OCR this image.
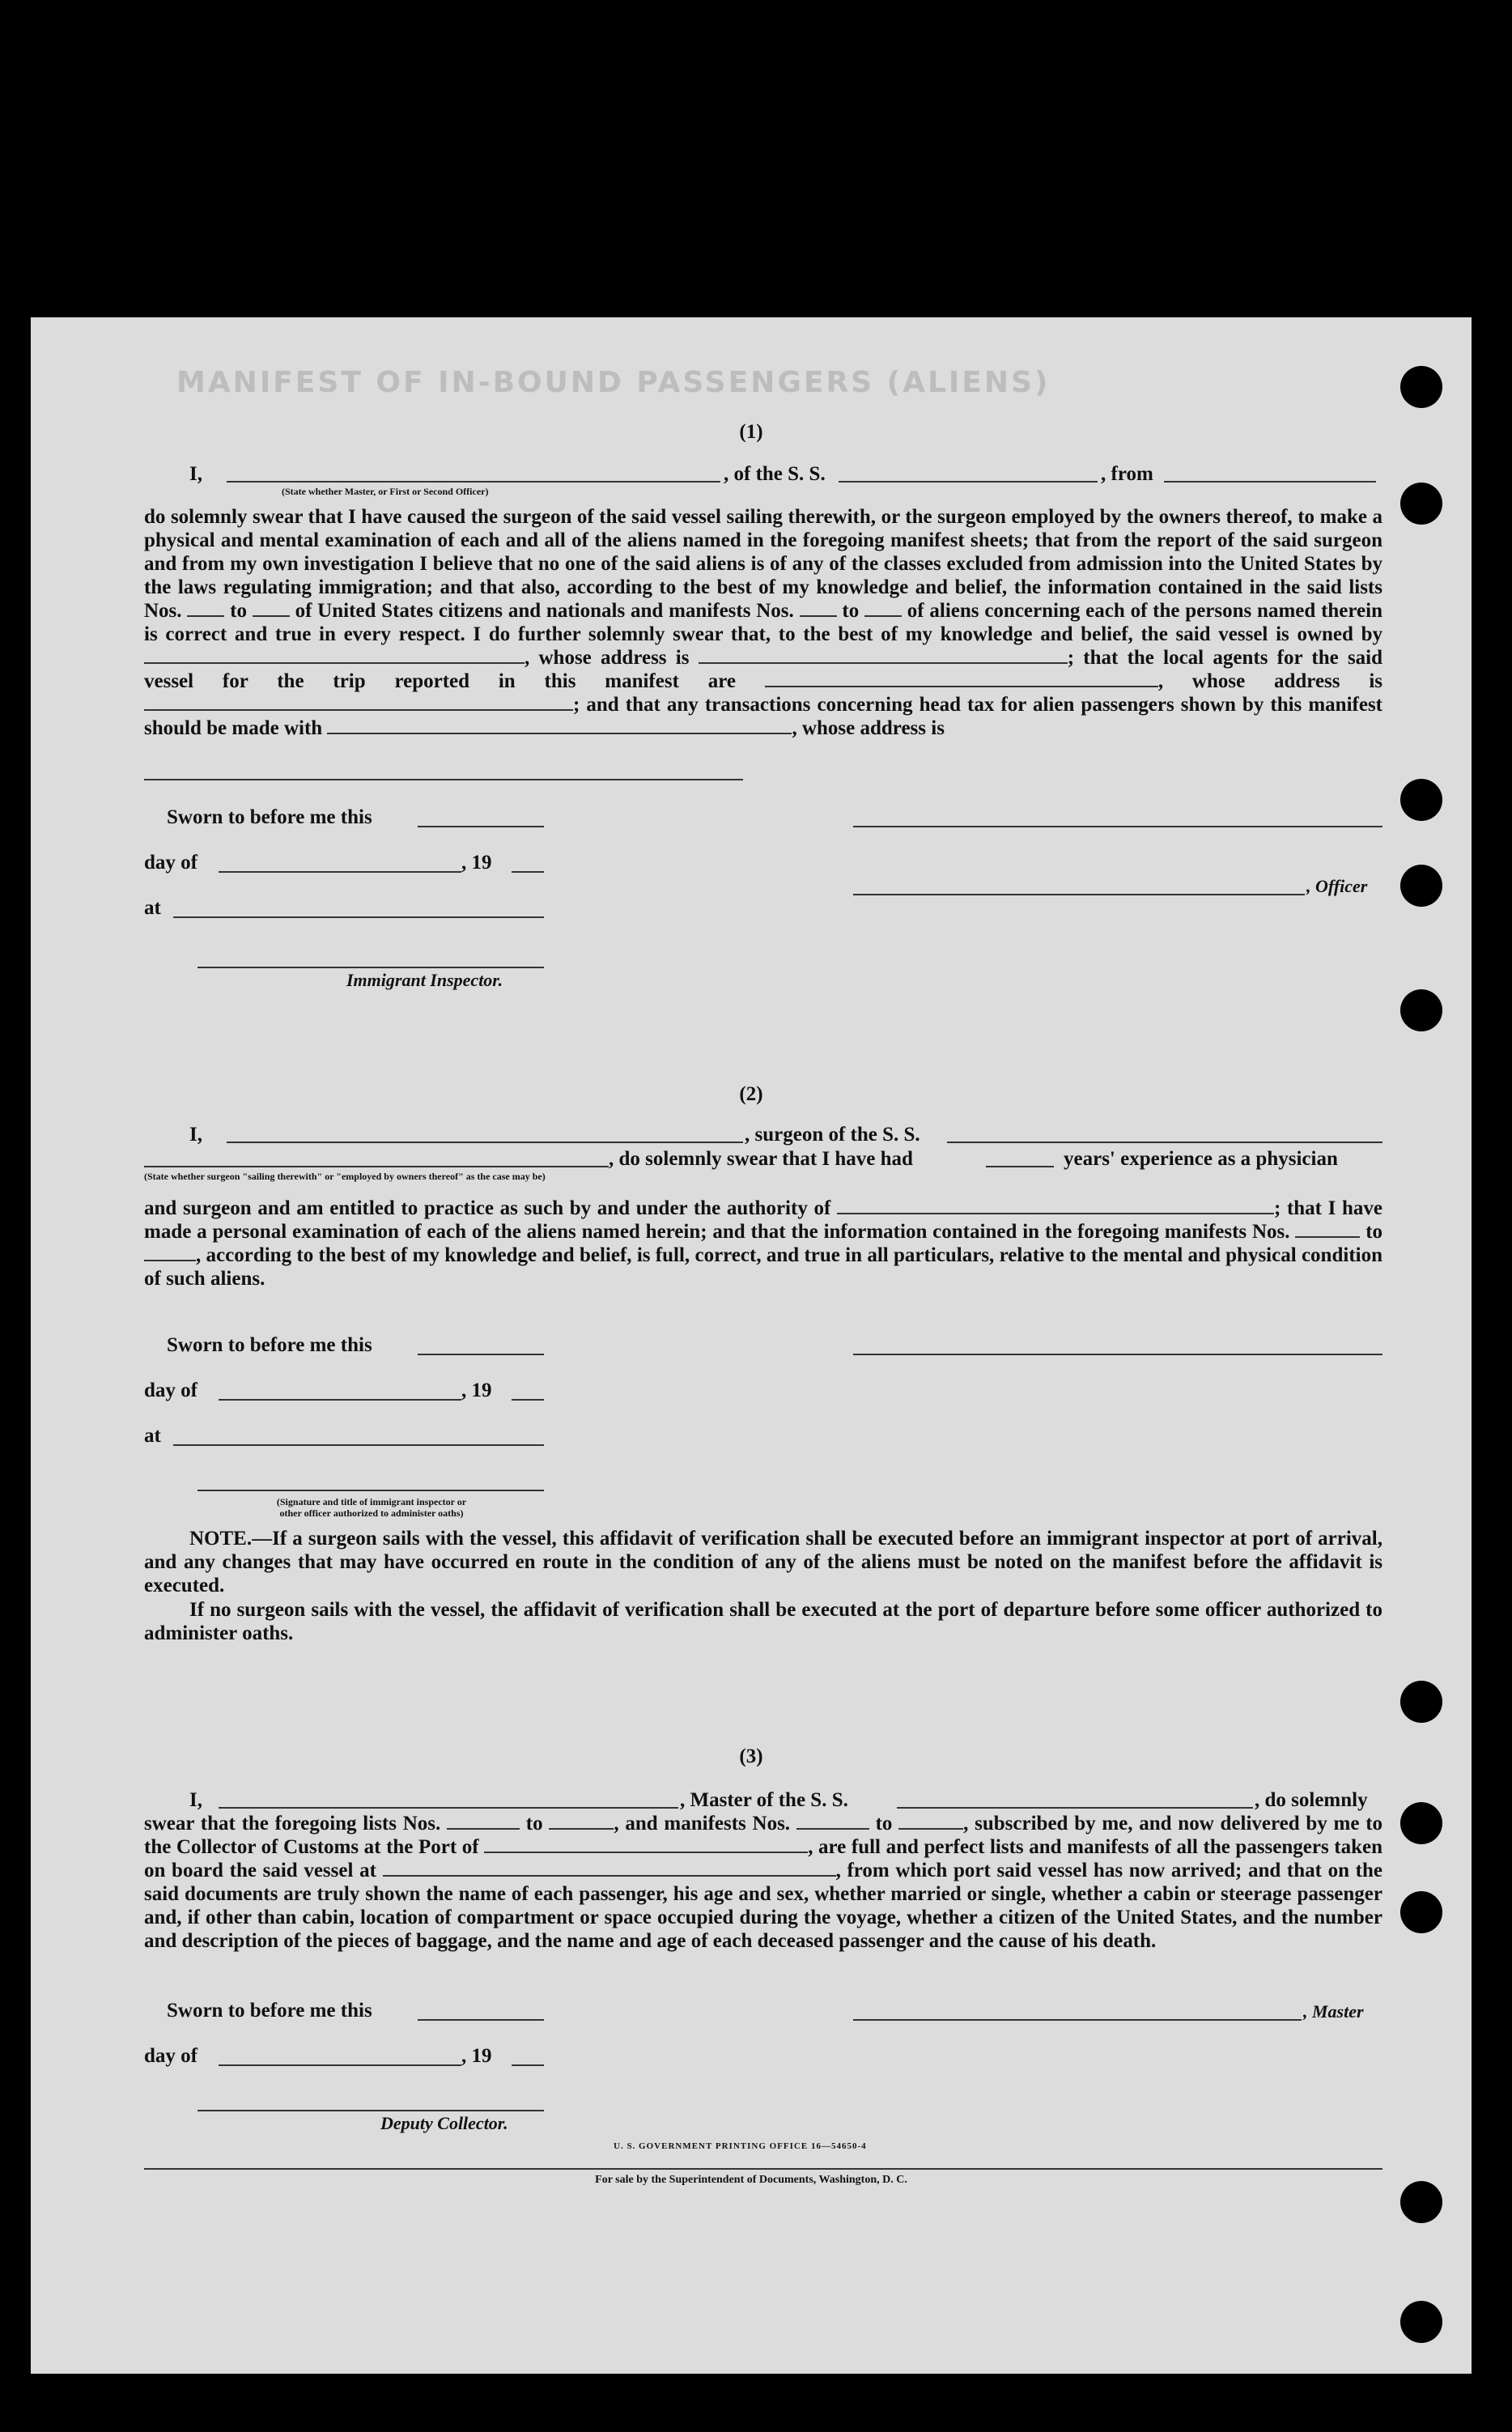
MANIFEST OF IN-BOUND PASSENGERS (ALIENS)
(1)
I,	, of the S. S.	, from
(State whether Master, or First or Second Officer)

do solemnly swear that I have caused the surgeon of the said vessel sailing therewith, or the surgeon employed by the owners thereof, to make a physical and mental examination of each and all of the aliens named in the foregoing manifest sheets; that from the report of the said surgeon and from my own investigation I believe that no one of the said aliens is of any of the classes excluded from admission into the United States by the laws regulating immigration; and that also, according to the best of my knowledge and belief, the information contained in the said lists Nos. to of United States citizens and nationals and manifests Nos. to of aliens concerning each of the persons named therein is correct and true in every respect. I do further solemnly swear that, to the best of my knowledge and belief, the said vessel is owned by , whose address is	; that the local agents for the said vessel for the trip reported in this manifest are	, whose address is ; and that any transactions concerning head tax for alien passengers shown by this manifest should be made with	, whose address is

Sworn to before me this
day of	, 19
, Officer
at
Immigrant Inspector.
(2)
I,	, surgeon of the S. S.
, do solemnly swear that I have had	years' experience as a physician
(State whether surgeon "sailing therewith" or "employed by owners thereof" as the case may be)

and surgeon and am entitled to practice as such by and under the authority of	; that I have made a personal examination of each of the aliens named herein; and that the information contained in the foregoing manifests Nos.	to, according to the best of my knowledge and belief, is full, correct, and true in all particulars, relative to the mental and physical condition of such aliens.

Sworn to before me this
day of	, 19
at
(Signature and title of immigrant inspector or
other officer authorized to administer oaths)

NOTE.—If a surgeon sails with the vessel, this affidavit of verification shall be executed before an immigrant inspector at port of arrival, and any changes that may have occurred en route in the condition of any of the aliens must be noted on the manifest before the affidavit is executed.

If no surgeon sails with the vessel, the affidavit of verification shall be executed at the port of departure before some officer authorized to administer oaths.

(3)
I,	, Master of the S. S.	, do solemnly

swear that the foregoing lists Nos.	to	, and manifests Nos.	to	, subscribed by me, and now delivered by me to the Collector of Customs at the Port of	, are full and perfect lists and manifests of all the passengers taken on board the said vessel at	, from which port said vessel has now arrived; and that on the said documents are truly shown the name of each passenger, his age and sex, whether married or single, whether a cabin or steerage passenger and, if other than cabin, location of compartment or space occupied during the voyage, whether a citizen of the United States, and the number and description of the pieces of baggage, and the name and age of each deceased passenger and the cause of his death.

Sworn to before me this	, Master
day of	, 19
Deputy Collector.
U. S. GOVERNMENT PRINTING OFFICE 16—54650-4
For sale by the Superintendent of Documents, Washington, D. C.
